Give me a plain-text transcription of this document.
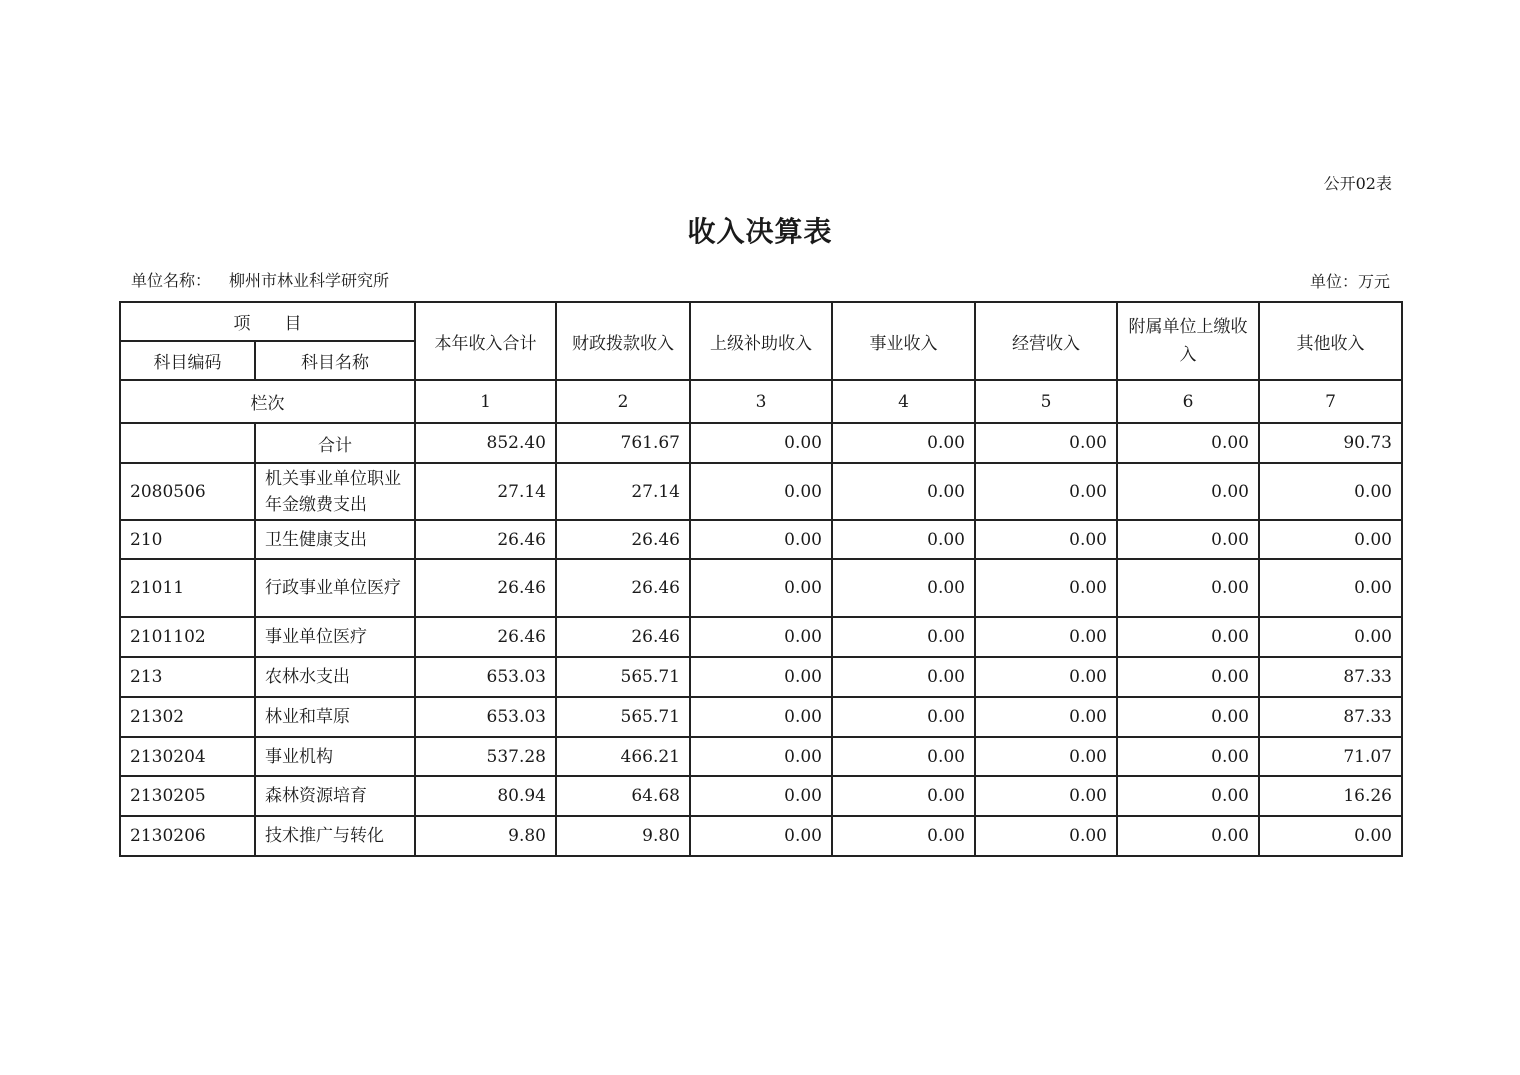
公开02表
收入决算表
单位名称： 柳州市林业科学研究所	单位：万元
项　　目		本年收入合计	财政拨款收入	上级补助收入	事业收入	经营收入	附属单位上缴收入	其他收入
科目编码	科目名称							
栏次		1	2	3	4	5	6	7
	合计	852.40	761.67	0.00	0.00	0.00	0.00	90.73
2080506	机关事业单位职业年金缴费支出	27.14	27.14	0.00	0.00	0.00	0.00	0.00
210	卫生健康支出	26.46	26.46	0.00	0.00	0.00	0.00	0.00
21011	行政事业单位医疗	26.46	26.46	0.00	0.00	0.00	0.00	0.00
2101102	事业单位医疗	26.46	26.46	0.00	0.00	0.00	0.00	0.00
213	农林水支出	653.03	565.71	0.00	0.00	0.00	0.00	87.33
21302	林业和草原	653.03	565.71	0.00	0.00	0.00	0.00	87.33
2130204	事业机构	537.28	466.21	0.00	0.00	0.00	0.00	71.07
2130205	森林资源培育	80.94	64.68	0.00	0.00	0.00	0.00	16.26
2130206	技术推广与转化	9.80	9.80	0.00	0.00	0.00	0.00	0.00
